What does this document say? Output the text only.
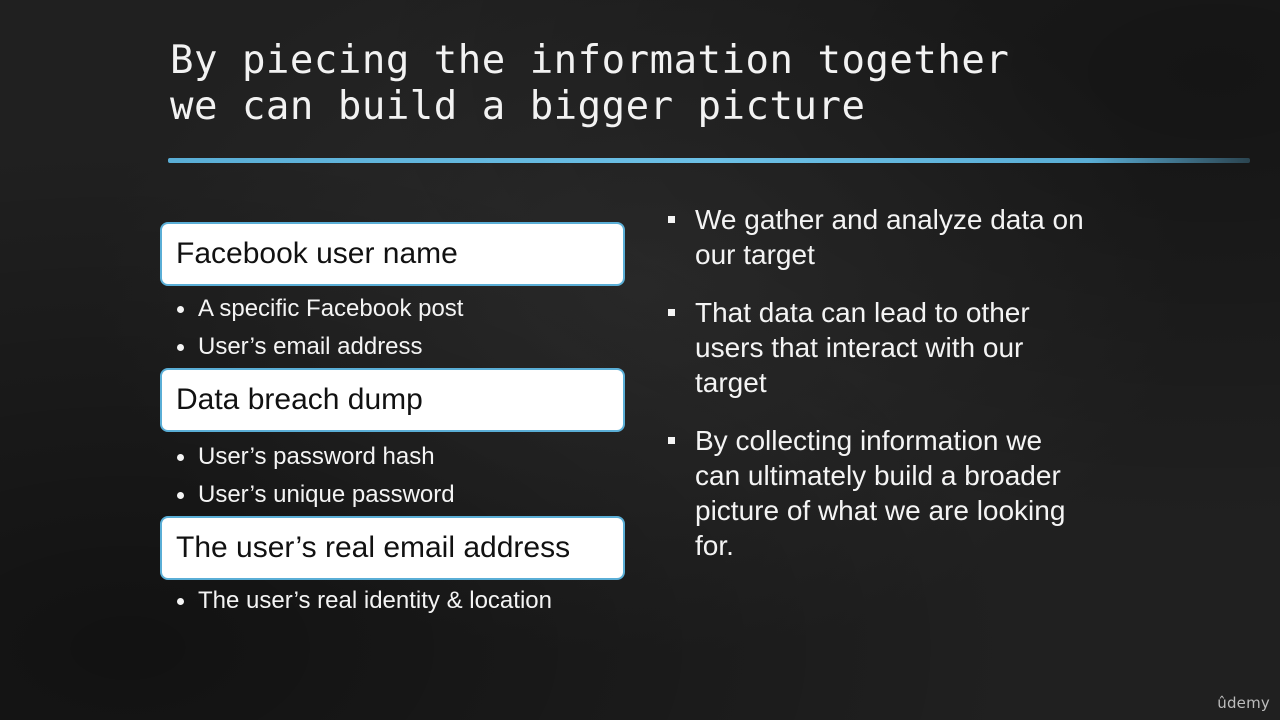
By piecing the information together
we can build a bigger picture
Facebook user name
A specific Facebook post
User’s email address
Data breach dump
User’s password hash
User’s unique password
The user’s real email address
The user’s real identity & location
We gather and analyze data on
our target
That data can lead to other
users that interact with our
target
By collecting information we
can ultimately build a broader
picture of what we are looking
for.
ûdemy
